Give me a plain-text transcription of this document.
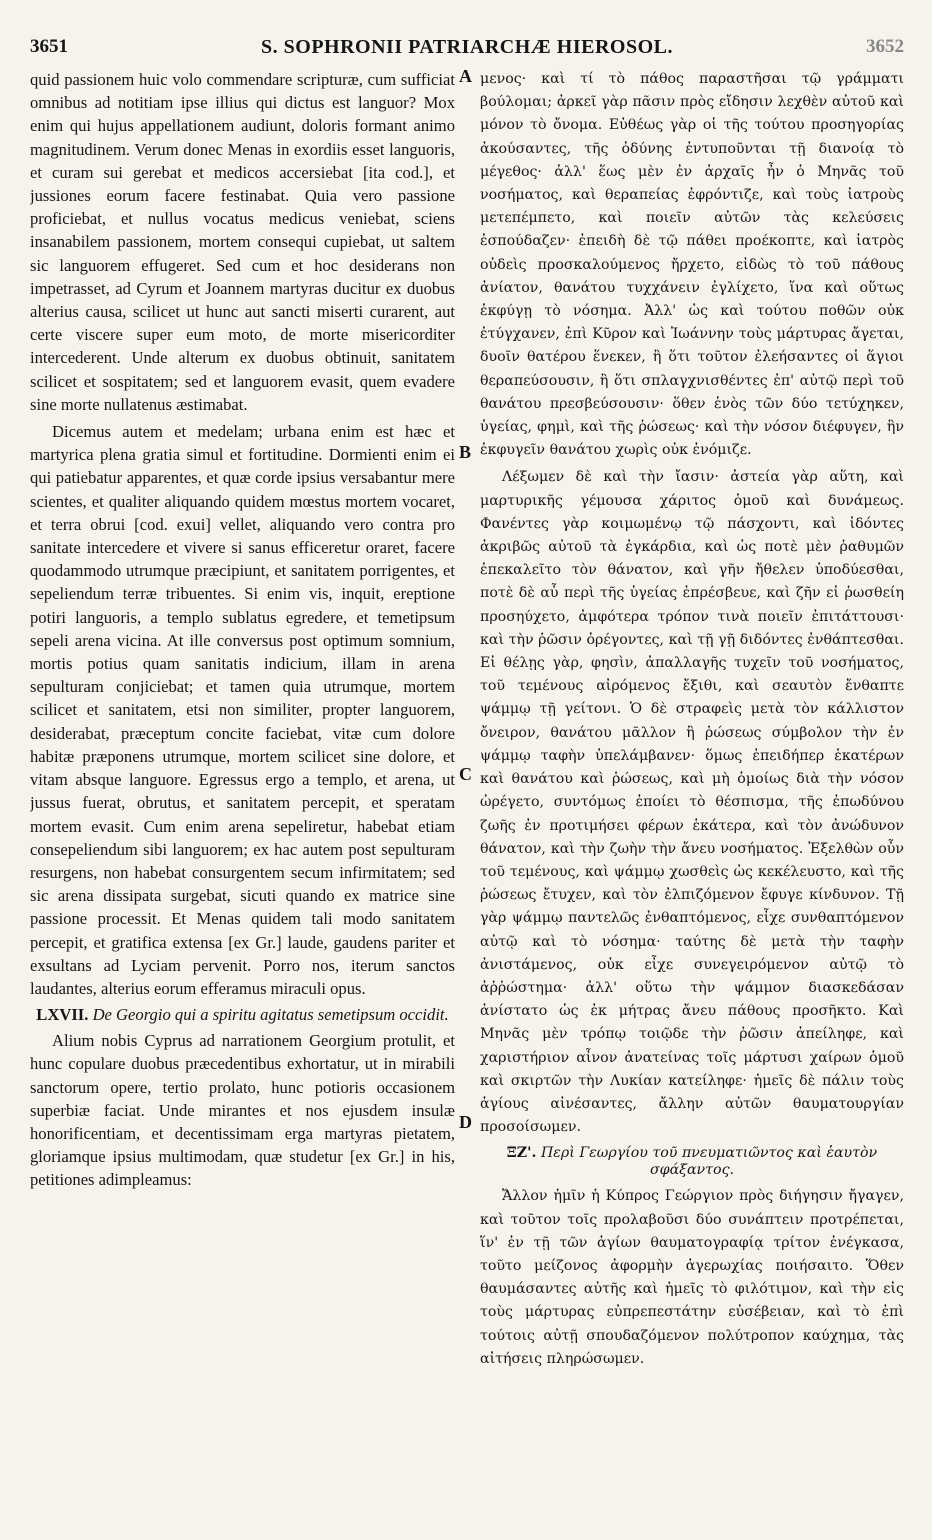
3651	S. SOPHRONII PATRIARCHÆ HIEROSOL.	3652

quid passionem huic volo commendare scripturæ, cum sufficiat omnibus ad notitiam ipse illius qui dictus est languor? Mox enim qui hujus appellationem audiunt, doloris formant animo magnitudinem. Verum donec Menas in exordiis esset languoris, et curam sui gerebat et medicos accersiebat [ita cod.], et jussiones eorum facere festinabat. Quia vero passione proficiebat, et nullus vocatus medicus veniebat, sciens insanabilem passionem, mortem consequi cupiebat, ut saltem sic languorem effugeret. Sed cum et hoc desiderans non impetrasset, ad Cyrum et Joannem martyras ducitur ex duobus alterius causa, scilicet ut hunc aut sancti miserti curarent, aut certe viscere super eum moto, de morte misericorditer intercederent. Unde alterum ex duobus obtinuit, sanitatem scilicet et sospitatem; sed et languorem evasit, quem evadere sine morte nullatenus æstimabat.

Dicemus autem et medelam; urbana enim est hæc et martyrica plena gratia simul et fortitudine. Dormienti enim ei qui patiebatur apparentes, et quæ corde ipsius versabantur mere scientes, et qualiter aliquando quidem mœstus mortem vocaret, et terra obrui [cod. exui] vellet, aliquando vero contra pro sanitate intercedere et vivere si sanus efficeretur oraret, facere quodammodo utrumque præcipiunt, et sanitatem porrigentes, et sepeliendum terræ tribuentes. Si enim vis, inquit, ereptione potiri languoris, a templo sublatus egredere, et temetipsum sepeli arena vicina. At ille conversus post optimum somnium, mortis potius quam sanitatis indicium, illam in arena sepulturam conjiciebat; et tamen quia utrumque, mortem scilicet et sanitatem, etsi non similiter, propter languorem, desiderabat, præceptum concite faciebat, vitæ cum dolore habitæ præponens utrumque, mortem scilicet sine dolore, et vitam absque languore. Egressus ergo a templo, et arena, ut jussus fuerat, obrutus, et sanitatem percepit, et speratam mortem evasit. Cum enim arena sepeliretur, habebat etiam consepeliendum sibi languorem; ex hac autem post sepulturam resurgens, non habebat consurgentem secum infirmitatem; sed sic arena dissipata surgebat, sicuti quando ex matrice sine passione processit. Et Menas quidem tali modo sanitatem percepit, et gratifica extensa [ex Gr.] laude, gaudens pariter et exsultans ad Lyciam pervenit. Porro nos, iterum sanctos laudantes, alterius eorum efferamus miraculi opus.

LXVII. De Georgio qui a spiritu agitatus semetipsum occidit.

Alium nobis Cyprus ad narrationem Georgium protulit, et hunc copulare duobus præcedentibus exhortatur, ut in mirabili sanctorum opere, tertio prolato, hunc potioris occasionem superbiæ faciat. Unde mirantes et nos ejusdem insulæ honorificentiam, et decentissimam erga martyras pietatem, gloriamque ipsius multimodam, quæ studetur [ex Gr.] in his, petitiones adimpleamus:

μενος· καὶ τί τὸ πάθος παραστῆσαι τῷ γράμματι βούλομαι; ἀρκεῖ γὰρ πᾶσιν πρὸς εἴδησιν λεχθὲν αὐτοῦ καὶ μόνον τὸ ὄνομα. Εὐθέως γὰρ οἱ τῆς τούτου προσηγορίας ἀκούσαντες, τῆς ὀδύνης ἐντυποῦνται τῇ διανοίᾳ τὸ μέγεθος· ἀλλ' ἕως μὲν ἐν ἀρχαῖς ἦν ὁ Μηνᾶς τοῦ νοσήματος, καὶ θεραπείας ἐφρόντιζε, καὶ τοὺς ἰατροὺς μετεπέμπετο, καὶ ποιεῖν αὐτῶν τὰς κελεύσεις ἐσπούδαζεν· ἐπειδὴ δὲ τῷ πάθει προέκοπτε, καὶ ἰατρὸς οὐδεὶς προσκαλούμενος ἤρχετο, εἰδὼς τὸ τοῦ πάθους ἀνίατον, θανάτου τυχχάνειν ἐγλίχετο, ἵνα καὶ οὕτως ἐκφύγῃ τὸ νόσημα. Ἀλλ' ὡς καὶ τούτου ποθῶν οὐκ ἐτύγχανεν, ἐπὶ Κῦρον καὶ Ἰωάννην τοὺς μάρτυρας ἄγεται, δυοῖν θατέρου ἕνεκεν, ἢ ὅτι τοῦτον ἐλεήσαντες οἱ ἅγιοι θεραπεύσουσιν, ἢ ὅτι σπλαγχνισθέντες ἐπ' αὐτῷ περὶ τοῦ θανάτου πρεσβεύσουσιν· ὅθεν ἑνὸς τῶν δύο τετύχηκεν, ὑγείας, φημὶ, καὶ τῆς ῥώσεως· καὶ τὴν νόσον διέφυγεν, ἣν ἐκφυγεῖν θανάτου χωρὶς οὐκ ἐνόμιζε.

Λέξωμεν δὲ καὶ τὴν ἴασιν· ἀστεία γὰρ αὕτη, καὶ μαρτυρικῆς γέμουσα χάριτος ὁμοῦ καὶ δυνάμεως. Φανέντες γὰρ κοιμωμένῳ τῷ πάσχοντι, καὶ ἰδόντες ἀκριβῶς αὐτοῦ τὰ ἐγκάρδια, καὶ ὡς ποτὲ μὲν ῥαθυμῶν ἐπεκαλεῖτο τὸν θάνατον, καὶ γῆν ἤθελεν ὑποδύεσθαι, ποτὲ δὲ αὖ περὶ τῆς ὑγείας ἐπρέσβευε, καὶ ζῆν εἰ ῥωσθείη προσηύχετο, ἀμφότερα τρόπον τινὰ ποιεῖν ἐπιτάττουσι· καὶ τὴν ῥῶσιν ὀρέγοντες, καὶ τῇ γῇ διδόντες ἐνθάπτεσθαι. Εἰ θέλῃς γὰρ, φησὶν, ἀπαλλαγῆς τυχεῖν τοῦ νοσήματος, τοῦ τεμένους αἰρόμενος ἔξιθι, καὶ σεαυτὸν ἔνθαπτε ψάμμῳ τῇ γείτονι. Ὁ δὲ στραφεὶς μετὰ τὸν κάλλιστον ὄνειρον, θανάτου μᾶλλον ἢ ῥώσεως σύμβολον τὴν ἐν ψάμμῳ ταφὴν ὑπελάμβανεν· ὅμως ἐπειδήπερ ἑκατέρων καὶ θανάτου καὶ ῥώσεως, καὶ μὴ ὁμοίως διὰ τὴν νόσον ὠρέγετο, συντόμως ἐποίει τὸ θέσπισμα, τῆς ἐπωδύνου ζωῆς ἐν προτιμήσει φέρων ἑκάτερα, καὶ τὸν ἀνώδυνον θάνατον, καὶ τὴν ζωὴν τὴν ἄνευ νοσήματος. Ἐξελθὼν οὖν τοῦ τεμένους, καὶ ψάμμῳ χωσθεὶς ὡς κεκέλευστο, καὶ τῆς ῥώσεως ἔτυχεν, καὶ τὸν ἐλπιζόμενον ἔφυγε κίνδυνον. Τῇ γὰρ ψάμμῳ παντελῶς ἐνθαπτόμενος, εἶχε συνθαπτόμενον αὐτῷ καὶ τὸ νόσημα· ταύτης δὲ μετὰ τὴν ταφὴν ἀνιστάμενος, οὐκ εἶχε συνεγειρόμενον αὐτῷ τὸ ἀῤῥώστημα· ἀλλ' οὕτω τὴν ψάμμον διασκεδάσαν ἀνίστατο ὡς ἐκ μήτρας ἄνευ πάθους προσῆκτο. Καὶ Μηνᾶς μὲν τρόπῳ τοιῷδε τὴν ῥῶσιν ἀπείληφε, καὶ χαριστήριον αἶνον ἀνατείνας τοῖς μάρτυσι χαίρων ὁμοῦ καὶ σκιρτῶν τὴν Λυκίαν κατείληφε· ἡμεῖς δὲ πάλιν τοὺς ἁγίους αἰνέσαντες, ἄλλην αὐτῶν θαυματουργίαν προσοίσωμεν.

ΞΖ'. Περὶ Γεωργίου τοῦ πνευματιῶντος καὶ ἑαυτὸν σφάξαντος.

Ἄλλον ἡμῖν ἡ Κύπρος Γεώργιον πρὸς διήγησιν ἤγαγεν, καὶ τοῦτον τοῖς προλαβοῦσι δύο συνάπτειν προτρέπεται, ἵν' ἐν τῇ τῶν ἁγίων θαυματογραφίᾳ τρίτον ἐνέγκασα, τοῦτο μείζονος ἀφορμὴν ἀγερωχίας ποιήσαιτο. Ὅθεν θαυμάσαντες αὐτῆς καὶ ἡμεῖς τὸ φιλότιμον, καὶ τὴν εἰς τοὺς μάρτυρας εὐπρεπεστάτην εὐσέβειαν, καὶ τὸ ἐπὶ τούτοις αὐτῇ σπουδαζόμενον πολύτροπον καύχημα, τὰς αἰτήσεις πληρώσωμεν.

A
B
C
D
